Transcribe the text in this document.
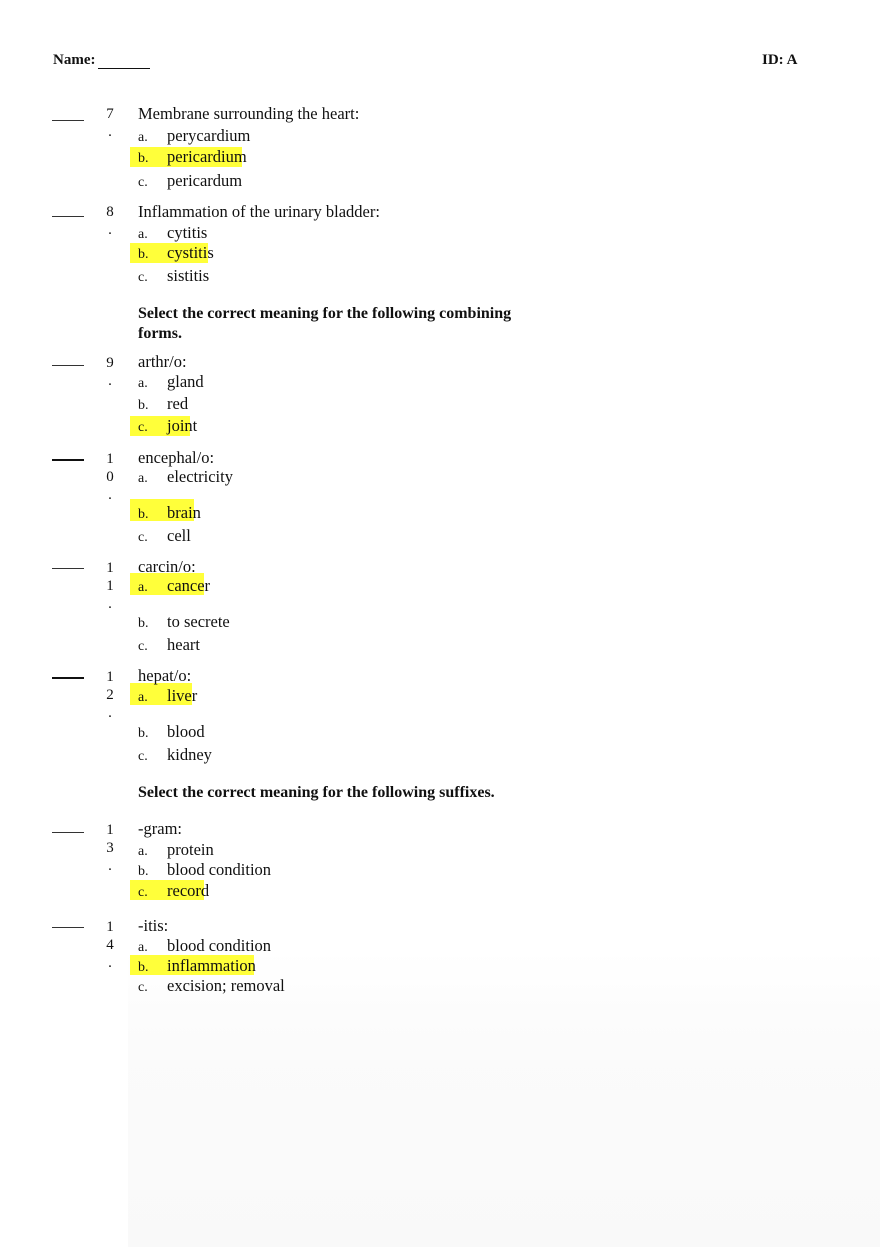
Name:	ID: A
7
.
Membrane surrounding the heart:
a. perycardium
b. pericardium
c. pericardum
8
.
Inflammation of the urinary bladder:
a. cytitis
b. cystitis
c. sistitis
Select the correct meaning for the following combining forms.
9
.
arthr/o:
a. gland
b. red
c. joint
1
0
.
encephal/o:
a. electricity
b. brain
c. cell
1
1
.
carcin/o:
a. cancer
b. to secrete
c. heart
1
2
.
hepat/o:
a. liver
b. blood
c. kidney
Select the correct meaning for the following suffixes.
1
3
.
-gram:
a. protein
b. blood condition
c. record
1
4
.
-itis:
a. blood condition
b. inflammation
c. excision; removal
